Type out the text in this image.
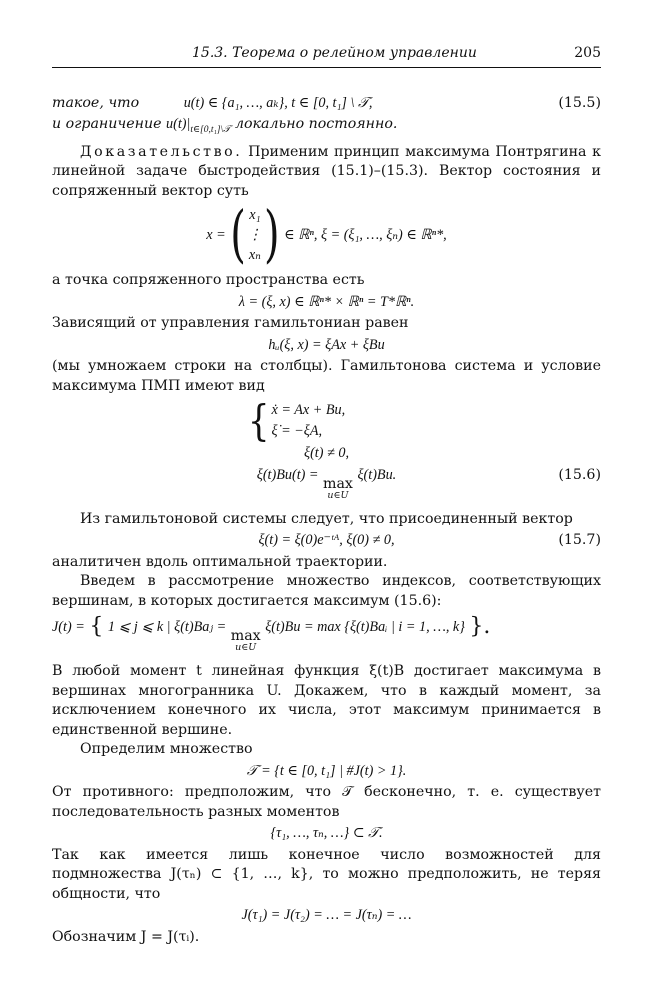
15.3. Теорема о релейном управлении	205
такое, что	u(t) ∈ {a₁, …, aₖ}, t ∈ [0, t₁] \ 𝒯,	(15.5)

и ограничение $u(t)|_{t\in[0,t_1]\backslash 𝒯}$ локально постоянно.

Доказательство. Применим принцип максимума Понтрягина к линейной задаче быстродействия (15.1)–(15.3). Вектор состояния и сопряженный вектор суть

x = ( x₁
⋮
xₙ ) ∈ ℝⁿ, ξ = (ξ₁, …, ξₙ) ∈ ℝⁿ*,

а точка сопряженного пространства есть

λ = (ξ, x) ∈ ℝⁿ* × ℝⁿ = T*ℝⁿ.

Зависящий от управления гамильтониан равен

hᵤ(ξ, x) = ξAx + ξBu

(мы умножаем строки на столбцы). Гамильтонова система и условие максимума ПМП имеют вид

{ ẋ = Ax + Bu,
ξ̇ = −ξA,
ξ(t) ≠ 0,
ξ(t)Bu(t) =
max
u∈U
ξ(t)Bu.	(15.6)

Из гамильтоновой системы следует, что присоединенный вектор

ξ(t) = ξ(0)e⁻ᵗᴬ, ξ(0) ≠ 0,	(15.7)

аналитичен вдоль оптимальной траектории.

Введем в рассмотрение множество индексов, соответствующих вершинам, в которых достигается максимум (15.6):

J(t) = { 1 ⩽ j ⩽ k | ξ(t)Baⱼ =
max
u∈U
ξ(t)Bu = max {ξ(t)Baᵢ | i = 1, …, k} }.

В любой момент t линейная функция ξ(t)B достигает максимума в вершинах многогранника U. Докажем, что в каждый момент, за исключением конечного их числа, этот максимум принимается в единственной вершине.

Определим множество

𝒯 = {t ∈ [0, t₁] | #J(t) > 1}.

От противного: предположим, что 𝒯 бесконечно, т. е. существует последовательность разных моментов

{τ₁, …, τₙ, …} ⊂ 𝒯.

Так как имеется лишь конечное число возможностей для подмножества J(τₙ) ⊂ {1, …, k}, то можно предположить, не теряя общности, что

J(τ₁) = J(τ₂) = … = J(τₙ) = …

Обозначим J = J(τᵢ).
